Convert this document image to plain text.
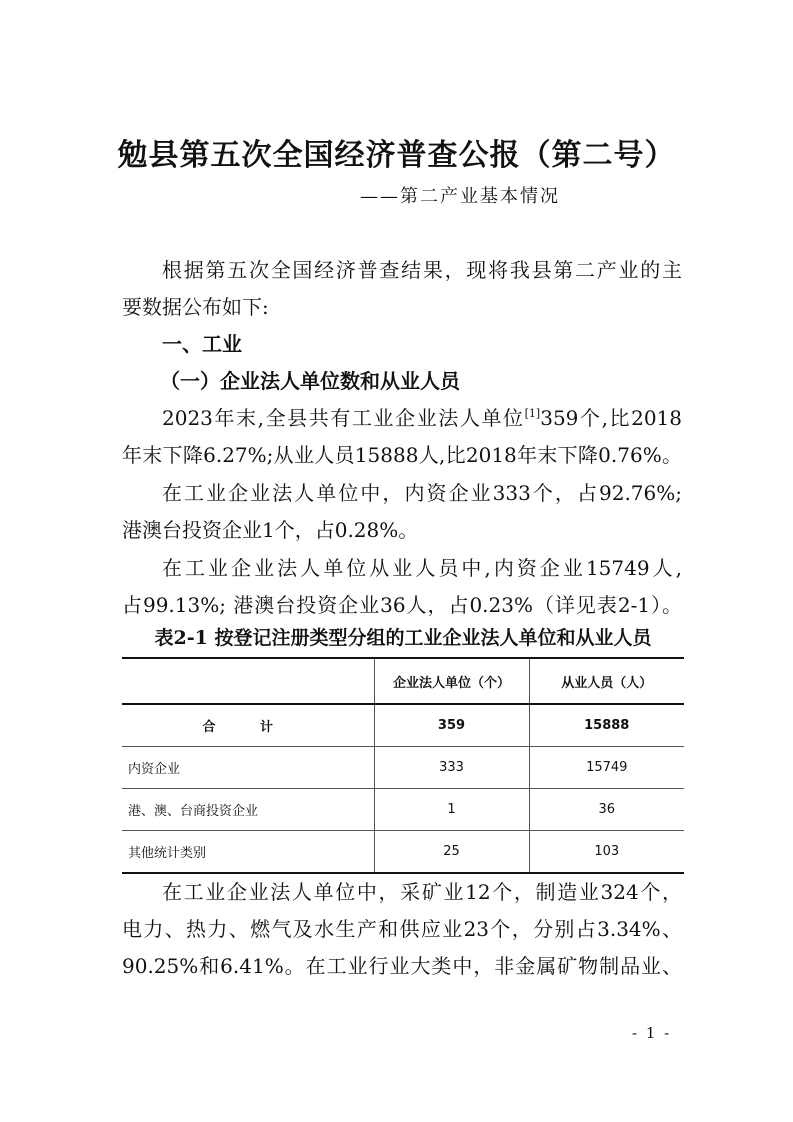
勉县第五次全国经济普查公报（第二号）
——第二产业基本情况
根据第五次全国经济普查结果，现将我县第二产业的主
要数据公布如下:
一、工业
（一）企业法人单位数和从业人员
2023年末,全县共有工业企业法人单位[1]359个,比2018
年末下降6.27%;从业人员15888人,比2018年末下降0.76%。
在工业企业法人单位中，内资企业333个，占92.76%;
港澳台投资企业1个，占0.28%。
在工业企业法人单位从业人员中,内资企业15749人,
占99.13%; 港澳台投资企业36人，占0.23%（详见表2-1）。
表2-1 按登记注册类型分组的工业企业法人单位和从业人员
	企业法人单位（个）	从业人员（人）
合 计	359	15888
内资企业	333	15749
港、澳、台商投资企业	1	36
其他统计类别	25	103
在工业企业法人单位中，采矿业12个，制造业324个，
电力、热力、燃气及水生产和供应业23个，分别占3.34%、
90.25%和6.41%。在工业行业大类中，非金属矿物制品业、
- 1 -
